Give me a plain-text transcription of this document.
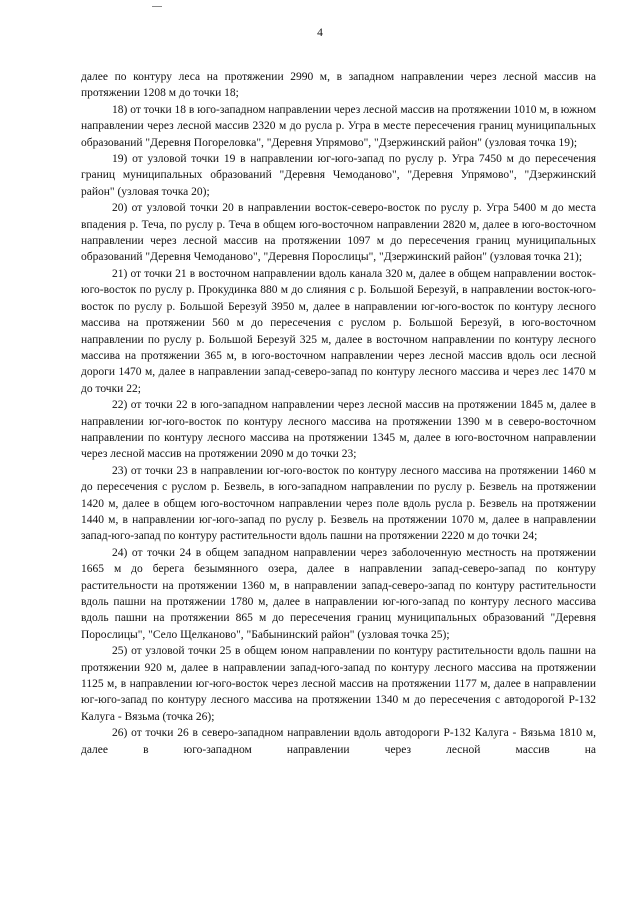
4

далее по контуру леса на протяжении 2990 м, в западном направлении через лесной массив на протяжении 1208 м до точки 18;

18) от точки 18 в юго-западном направлении через лесной массив на протяжении 1010 м, в южном направлении через лесной массив 2320 м до русла р. Угра в месте пересечения границ муниципальных образований "Деревня Погореловка", "Деревня Упрямово", "Дзержинский район" (узловая точка 19);

19) от узловой точки 19 в направлении юг-юго-запад по руслу р. Угра 7450 м до пересечения границ муниципальных образований "Деревня Чемоданово", "Деревня Упрямово", "Дзержинский район" (узловая точка 20);

20) от узловой точки 20 в направлении восток-северо-восток по руслу р. Угра 5400 м до места впадения р. Теча, по руслу р. Теча в общем юго-восточном направлении 2820 м, далее в юго-восточном направлении через лесной массив на протяжении 1097 м до пересечения границ муниципальных образований "Деревня Чемоданово", "Деревня Порослицы", "Дзержинский район" (узловая точка 21);

21) от точки 21 в восточном направлении вдоль канала 320 м, далее в общем направлении восток-юго-восток по руслу р. Прокудинка 880 м до слияния с р. Большой Березуй, в направлении восток-юго-восток по руслу р. Большой Березуй 3950 м, далее в направлении юг-юго-восток по контуру лесного массива на протяжении 560 м до пересечения с руслом р. Большой Березуй, в юго-восточном направлении по руслу р. Большой Березуй 325 м, далее в восточном направлении по контуру лесного массива на протяжении 365 м, в юго-восточном направлении через лесной массив вдоль оси лесной дороги 1470 м, далее в направлении запад-северо-запад по контуру лесного массива и через лес 1470 м до точки 22;

22) от точки 22 в юго-западном направлении через лесной массив на протяжении 1845 м, далее в направлении юг-юго-восток по контуру лесного массива на протяжении 1390 м в северо-восточном направлении по контуру лесного массива на протяжении 1345 м, далее в юго-восточном направлении через лесной массив на протяжении 2090 м до точки 23;

23) от точки 23 в направлении юг-юго-восток по контуру лесного массива на протяжении 1460 м до пересечения с руслом р. Безвель, в юго-западном направлении по руслу р. Безвель на протяжении 1420 м, далее в общем юго-восточном направлении через поле вдоль русла р. Безвель на протяжении 1440 м, в направлении юг-юго-запад по руслу р. Безвель на протяжении 1070 м, далее в направлении запад-юго-запад по контуру растительности вдоль пашни на протяжении 2220 м до точки 24;

24) от точки 24 в общем западном направлении через заболоченную местность на протяжении 1665 м до берега безымянного озера, далее в направлении запад-северо-запад по контуру растительности на протяжении 1360 м, в направлении запад-северо-запад по контуру растительности вдоль пашни на протяжении 1780 м, далее в направлении юг-юго-запад по контуру лесного массива вдоль пашни на протяжении 865 м до пересечения границ муниципальных образований "Деревня Порослицы", "Село Щелканово", "Бабынинский район" (узловая точка 25);

25) от узловой точки 25 в общем юном направлении по контуру растительности вдоль пашни на протяжении 920 м, далее в направлении запад-юго-запад по контуру лесного массива на протяжении 1125 м, в направлении юг-юго-восток через лесной массив на протяжении 1177 м, далее в направлении юг-юго-запад по контуру лесного массива на протяжении 1340 м до пересечения с автодорогой Р-132 Калуга - Вязьма (точка 26);

26) от точки 26 в северо-западном направлении вдоль автодороги Р-132 Калуга - Вязьма 1810 м, далее в юго-западном направлении через лесной массив на
